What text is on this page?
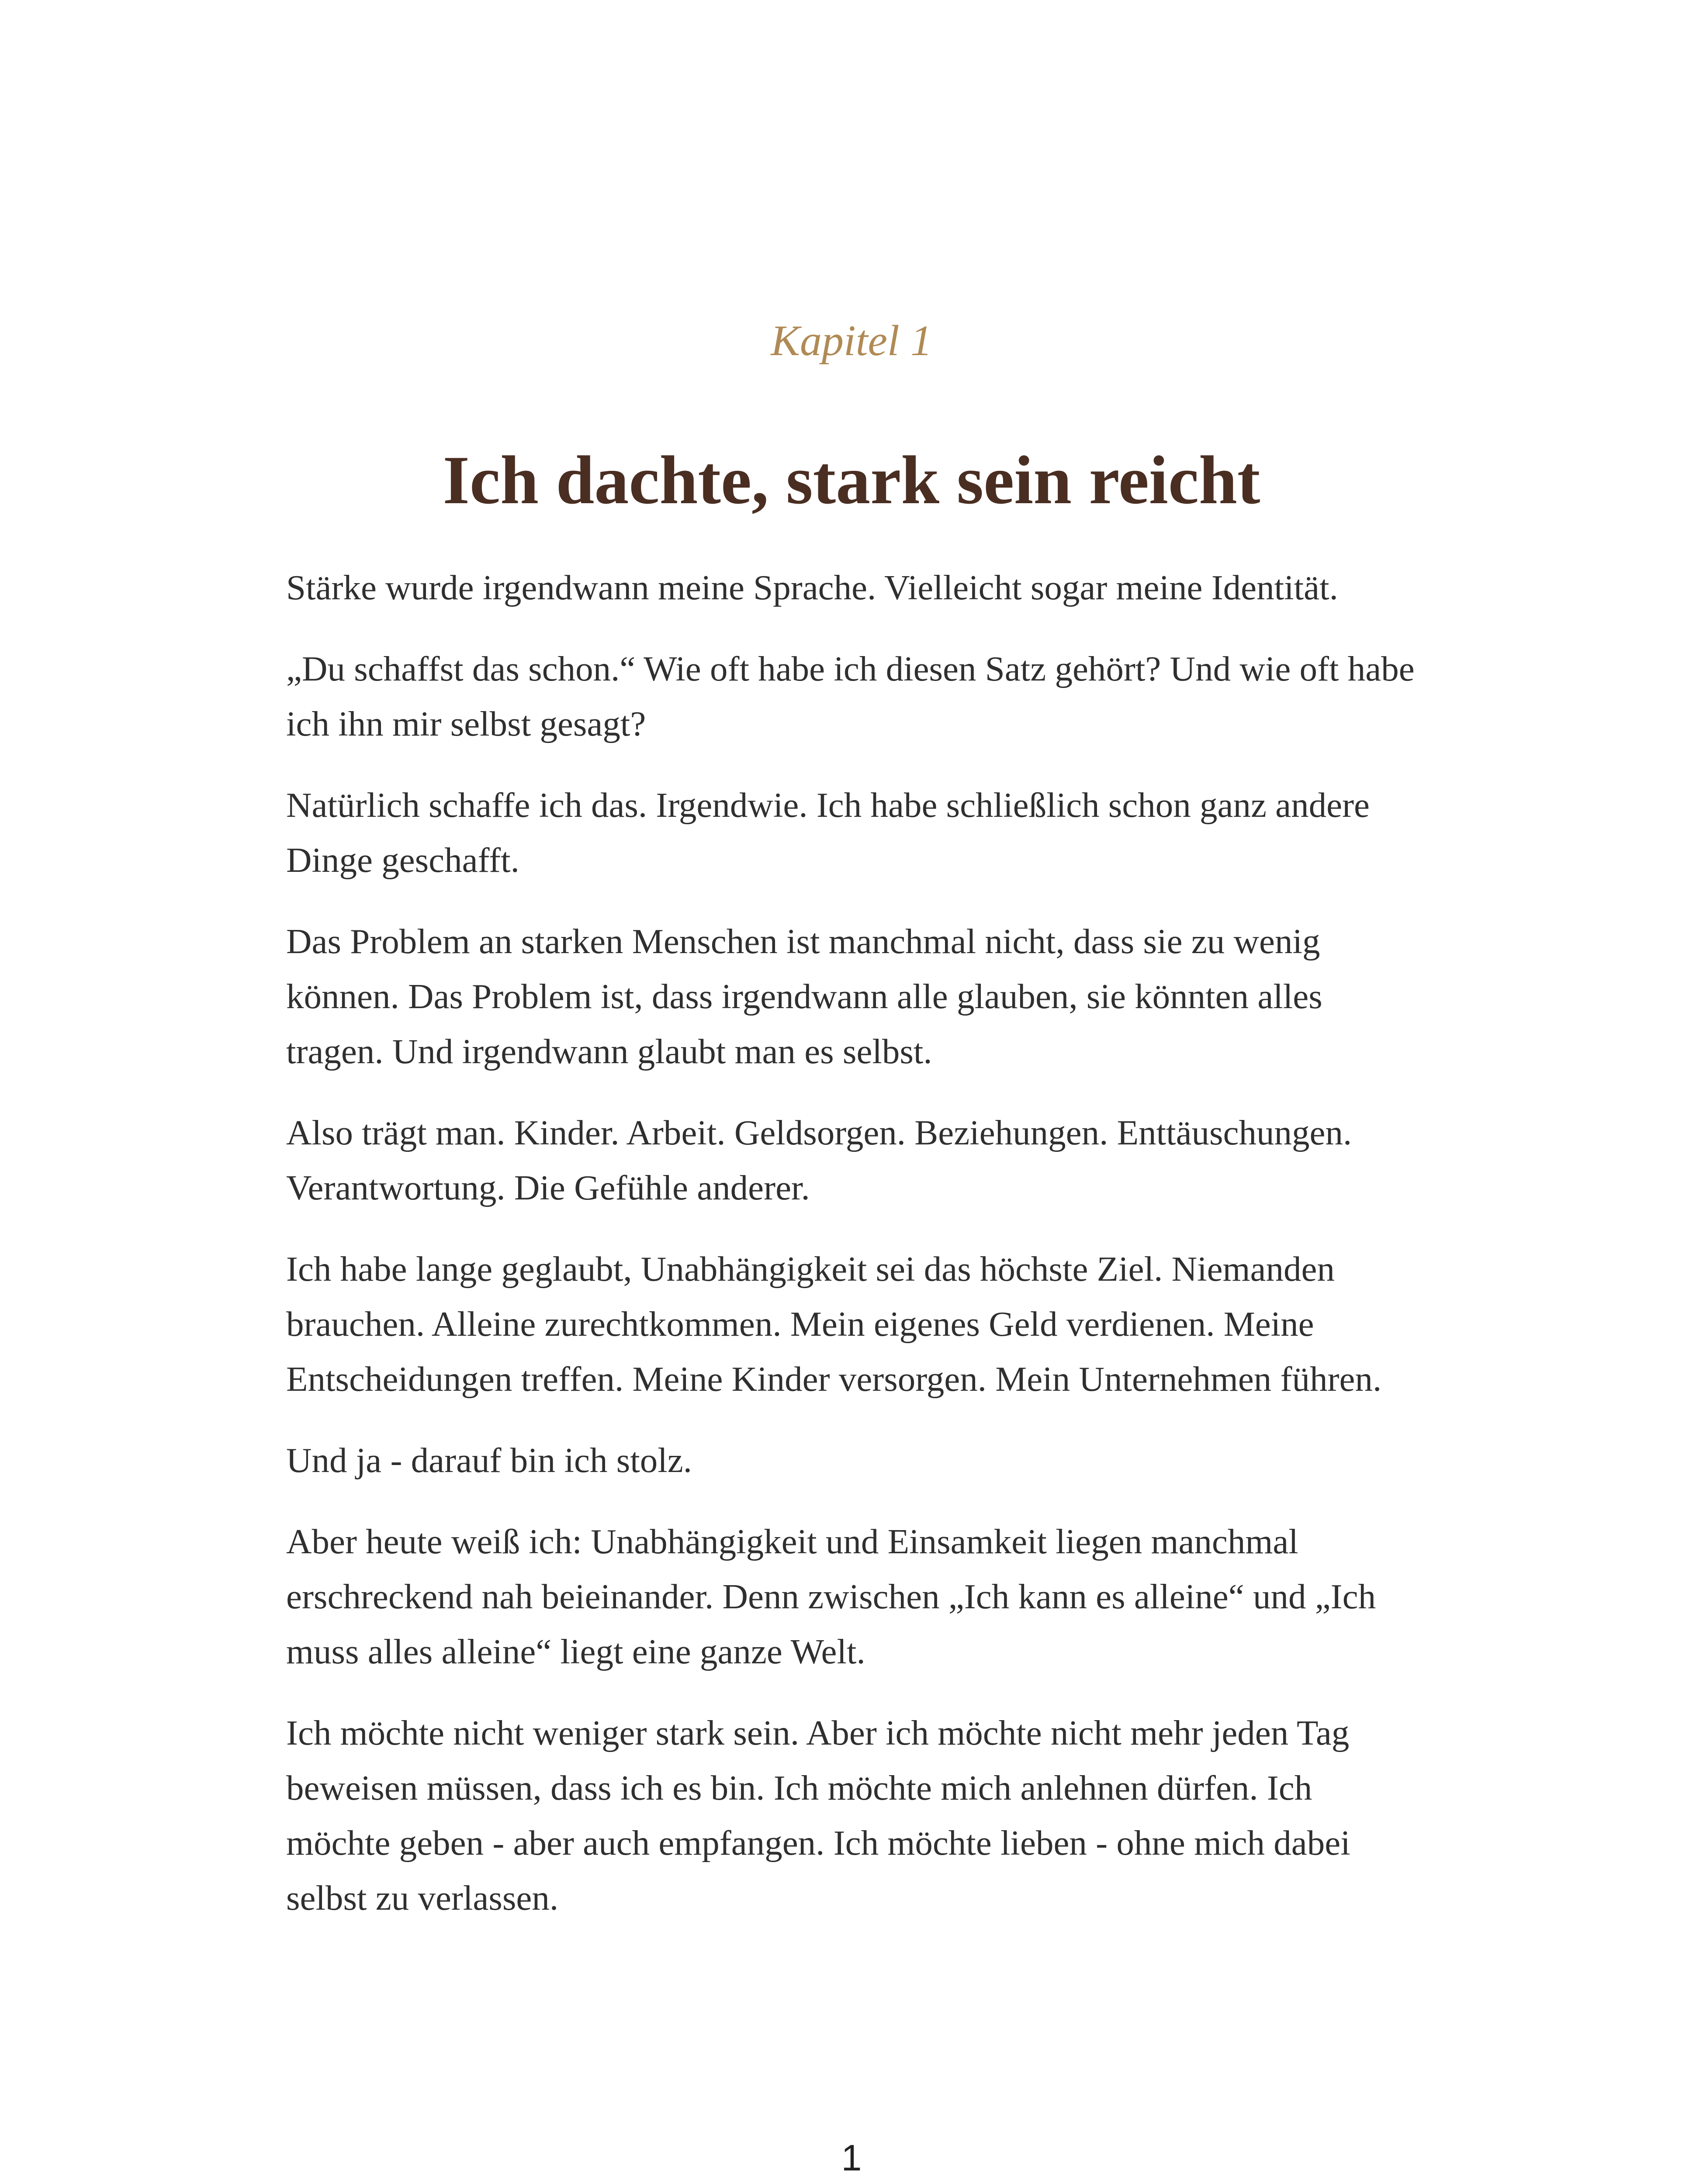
Kapitel 1
Ich dachte, stark sein reicht

Stärke wurde irgendwann meine Sprache. Vielleicht sogar meine Identität.

„Du schaffst das schon.“ Wie oft habe ich diesen Satz gehört? Und wie oft habe ich ihn mir selbst gesagt?

Natürlich schaffe ich das. Irgendwie. Ich habe schließlich schon ganz andere Dinge geschafft.

Das Problem an starken Menschen ist manchmal nicht, dass sie zu wenig können. Das Problem ist, dass irgendwann alle glauben, sie könnten alles tragen. Und irgendwann glaubt man es selbst.

Also trägt man. Kinder. Arbeit. Geldsorgen. Beziehungen. Enttäuschungen. Verantwortung. Die Gefühle anderer.

Ich habe lange geglaubt, Unabhängigkeit sei das höchste Ziel. Niemanden brauchen. Alleine zurechtkommen. Mein eigenes Geld verdienen. Meine Entscheidungen treffen. Meine Kinder versorgen. Mein Unternehmen führen.

Und ja - darauf bin ich stolz.

Aber heute weiß ich: Unabhängigkeit und Einsamkeit liegen manchmal erschreckend nah beieinander. Denn zwischen „Ich kann es alleine“ und „Ich muss alles alleine“ liegt eine ganze Welt.

Ich möchte nicht weniger stark sein. Aber ich möchte nicht mehr jeden Tag beweisen müssen, dass ich es bin. Ich möchte mich anlehnen dürfen. Ich möchte geben - aber auch empfangen. Ich möchte lieben - ohne mich dabei selbst zu verlassen.

1
